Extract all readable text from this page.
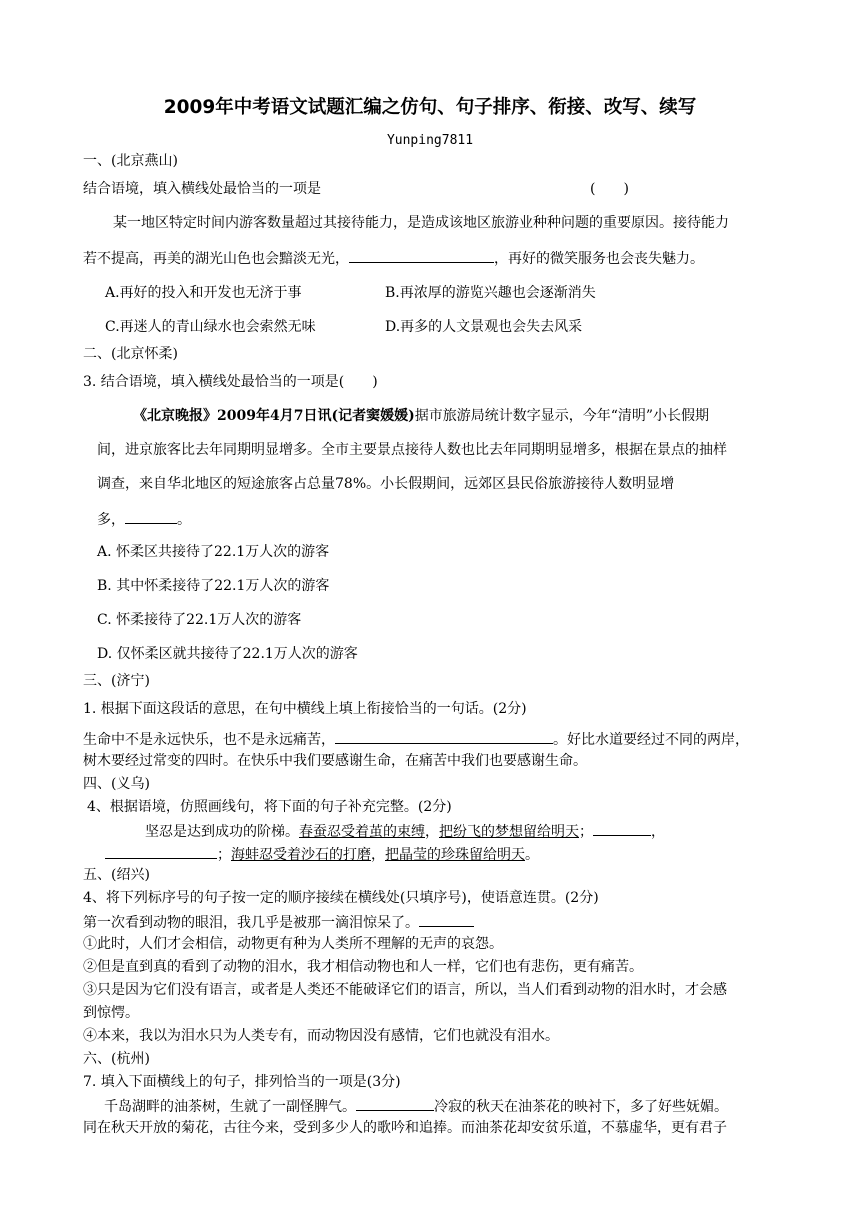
2009年中考语文试题汇编之仿句、句子排序、衔接、改写、续写
Yunping7811
一、(北京燕山)
结合语境，填入横线处最恰当的一项是	(　　)
某一地区特定时间内游客数量超过其接待能力，是造成该地区旅游业种种问题的重要原因。接待能力
若不提高，再美的湖光山色也会黯淡无光，	，再好的微笑服务也会丧失魅力。
A.再好的投入和开发也无济于事	B.再浓厚的游览兴趣也会逐渐消失
C.再迷人的青山绿水也会索然无味	D.再多的人文景观也会失去风采
二、(北京怀柔)
3. 结合语境，填入横线处最恰当的一项是(　　)
《北京晚报》2009年4月7日讯(记者窦媛媛)据市旅游局统计数字显示，今年“清明”小长假期
间，进京旅客比去年同期明显增多。全市主要景点接待人数也比去年同期明显增多，根据在景点的抽样
调查，来自华北地区的短途旅客占总量78%。小长假期间，远郊区县民俗旅游接待人数明显增
多，	。
A. 怀柔区共接待了22.1万人次的游客
B. 其中怀柔接待了22.1万人次的游客
C. 怀柔接待了22.1万人次的游客
D. 仅怀柔区就共接待了22.1万人次的游客
三、(济宁)
1. 根据下面这段话的意思，在句中横线上填上衔接恰当的一句话。(2分)
生命中不是永远快乐，也不是永远痛苦，	。好比水道要经过不同的两岸，
树木要经过常变的四时。在快乐中我们要感谢生命，在痛苦中我们也要感谢生命。
四、(义乌)
4、根据语境，仿照画线句，将下面的句子补充完整。(2分)
坚忍是达到成功的阶梯。春蚕忍受着茧的束缚，把纷飞的梦想留给明天；	，
；海蚌忍受着沙石的打磨，把晶莹的珍珠留给明天。
五、(绍兴)
4、将下列标序号的句子按一定的顺序接续在横线处(只填序号)，使语意连贯。(2分)
第一次看到动物的眼泪，我几乎是被那一滴泪惊呆了。
①此时，人们才会相信，动物更有种为人类所不理解的无声的哀怨。
②但是直到真的看到了动物的泪水，我才相信动物也和人一样，它们也有悲伤，更有痛苦。
③只是因为它们没有语言，或者是人类还不能破译它们的语言，所以，当人们看到动物的泪水时，才会感
到惊愕。
④本来，我以为泪水只为人类专有，而动物因没有感情，它们也就没有泪水。
六、(杭州)
7. 填入下面横线上的句子，排列恰当的一项是(3分)
千岛湖畔的油茶树，生就了一副怪脾气。	冷寂的秋天在油茶花的映衬下，多了好些妩媚。
同在秋天开放的菊花，古往今来，受到多少人的歌吟和追捧。而油茶花却安贫乐道，不慕虚华，更有君子
